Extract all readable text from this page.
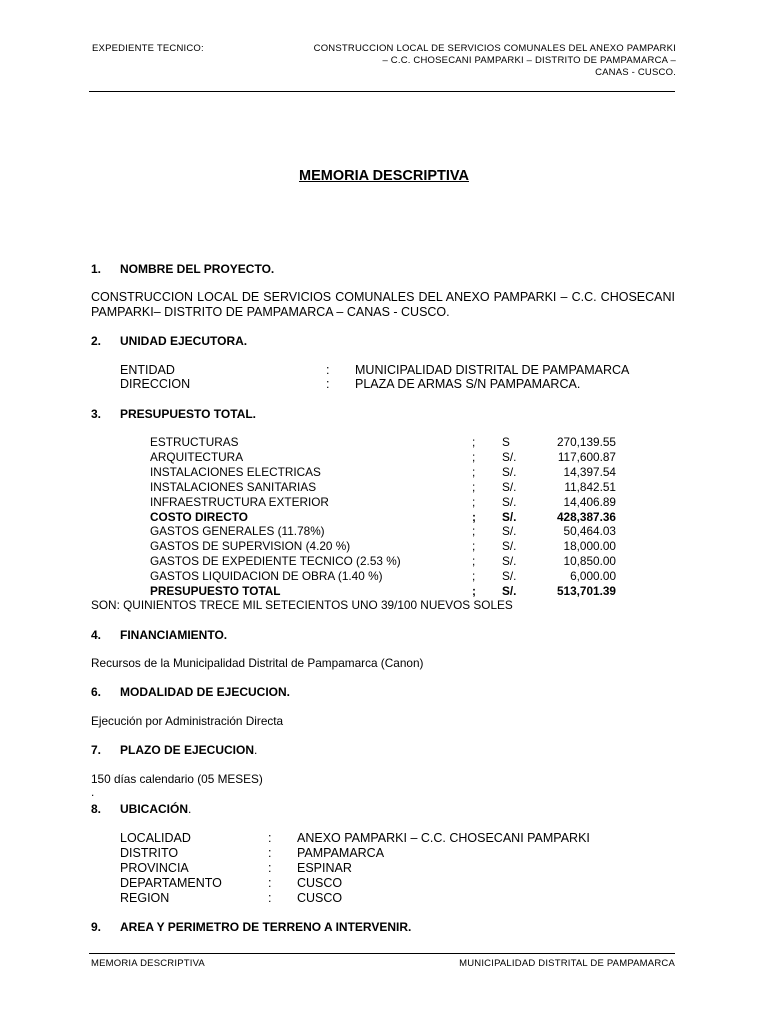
EXPEDIENTE TECNICO:	CONSTRUCCION LOCAL DE SERVICIOS COMUNALES DEL ANEXO PAMPARKI
– C.C. CHOSECANI PAMPARKI – DISTRITO DE PAMPAMARCA –
CANAS - CUSCO.
MEMORIA DESCRIPTIVA
1. NOMBRE DEL PROYECTO.
CONSTRUCCION LOCAL DE SERVICIOS COMUNALES DEL ANEXO PAMPARKI – C.C. CHOSECANI PAMPARKI– DISTRITO DE PAMPAMARCA – CANAS - CUSCO.
2. UNIDAD EJECUTORA.
ENTIDAD	: MUNICIPALIDAD DISTRITAL DE PAMPAMARCA
DIRECCION	: PLAZA DE ARMAS S/N PAMPAMARCA.
3. PRESUPUESTO TOTAL.
ESTRUCTURAS	; S	270,139.55
ARQUITECTURA	; S/.	117,600.87
INSTALACIONES ELECTRICAS	; S/.	14,397.54
INSTALACIONES SANITARIAS	; S/.	11,842.51
INFRAESTRUCTURA EXTERIOR	; S/.	14,406.89
COSTO DIRECTO	; S/.	428,387.36
GASTOS GENERALES (11.78%)	; S/.	50,464.03
GASTOS DE SUPERVISION (4.20 %)	; S/.	18,000.00
GASTOS DE EXPEDIENTE TECNICO (2.53 %)	; S/.	10,850.00
GASTOS LIQUIDACION DE OBRA (1.40 %)	; S/.	6,000.00
PRESUPUESTO TOTAL	; S/.	513,701.39
SON: QUINIENTOS TRECE MIL SETECIENTOS UNO 39/100 NUEVOS SOLES
4. FINANCIAMIENTO.
Recursos de la Municipalidad Distrital de Pampamarca (Canon)
6. MODALIDAD DE EJECUCION.
Ejecución por Administración Directa
7. PLAZO DE EJECUCION.
150 días calendario (05 MESES)
.
8. UBICACIÓN.
LOCALIDAD	: ANEXO PAMPARKI – C.C. CHOSECANI PAMPARKI
DISTRITO	: PAMPAMARCA
PROVINCIA	: ESPINAR
DEPARTAMENTO	: CUSCO
REGION	: CUSCO
9. AREA Y PERIMETRO DE TERRENO A INTERVENIR.
MEMORIA DESCRIPTIVA	MUNICIPALIDAD DISTRITAL DE PAMPAMARCA
